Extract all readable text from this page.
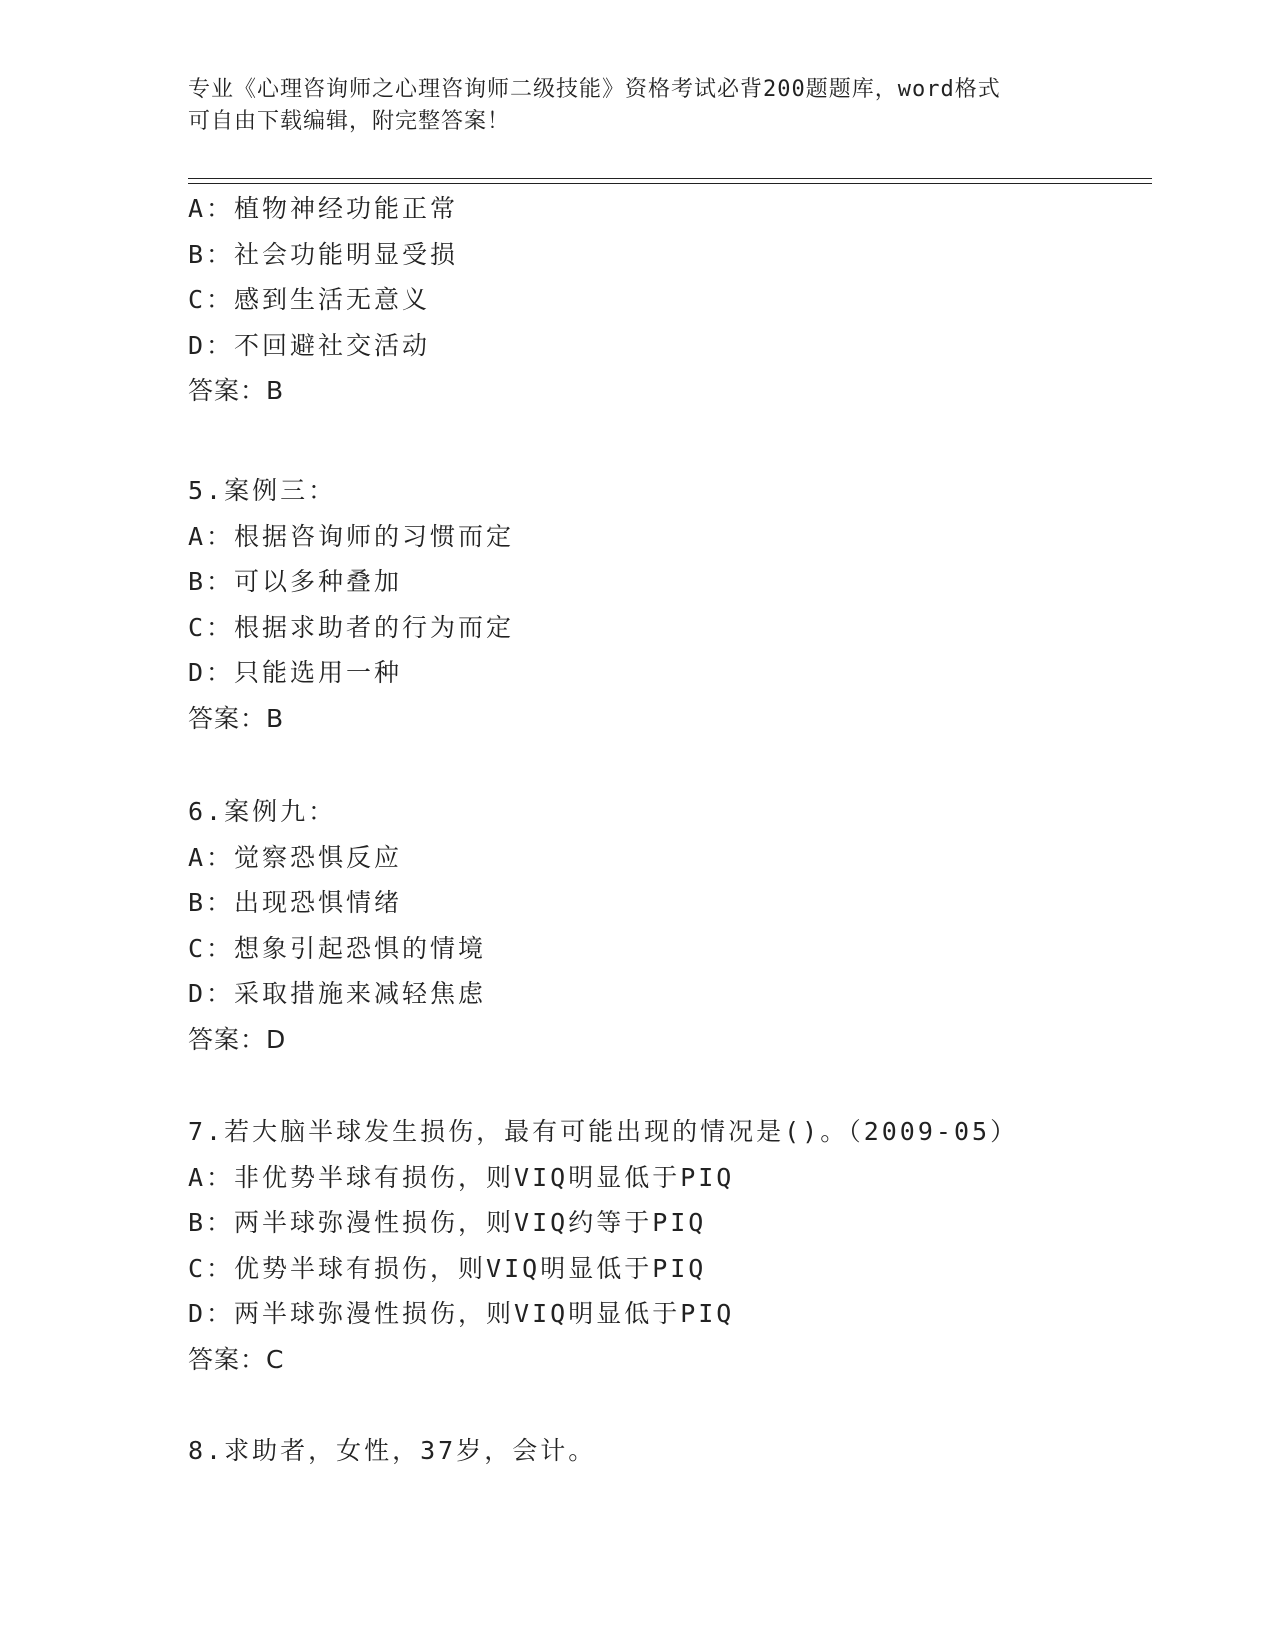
专业《心理咨询师之心理咨询师二级技能》资格考试必背200题题库，word格式
可自由下载编辑，附完整答案！
A：植物神经功能正常
B：社会功能明显受损
C：感到生活无意义
D：不回避社交活动
答案：B
5.案例三：
A：根据咨询师的习惯而定
B：可以多种叠加
C：根据求助者的行为而定
D：只能选用一种
答案：B
6.案例九：
A：觉察恐惧反应
B：出现恐惧情绪
C：想象引起恐惧的情境
D：采取措施来减轻焦虑
答案：D
7.若大脑半球发生损伤，最有可能出现的情况是()。（2009-05）
A：非优势半球有损伤，则VIQ明显低于PIQ
B：两半球弥漫性损伤，则VIQ约等于PIQ
C：优势半球有损伤，则VIQ明显低于PIQ
D：两半球弥漫性损伤，则VIQ明显低于PIQ
答案：C
8.求助者，女性，37岁，会计。
